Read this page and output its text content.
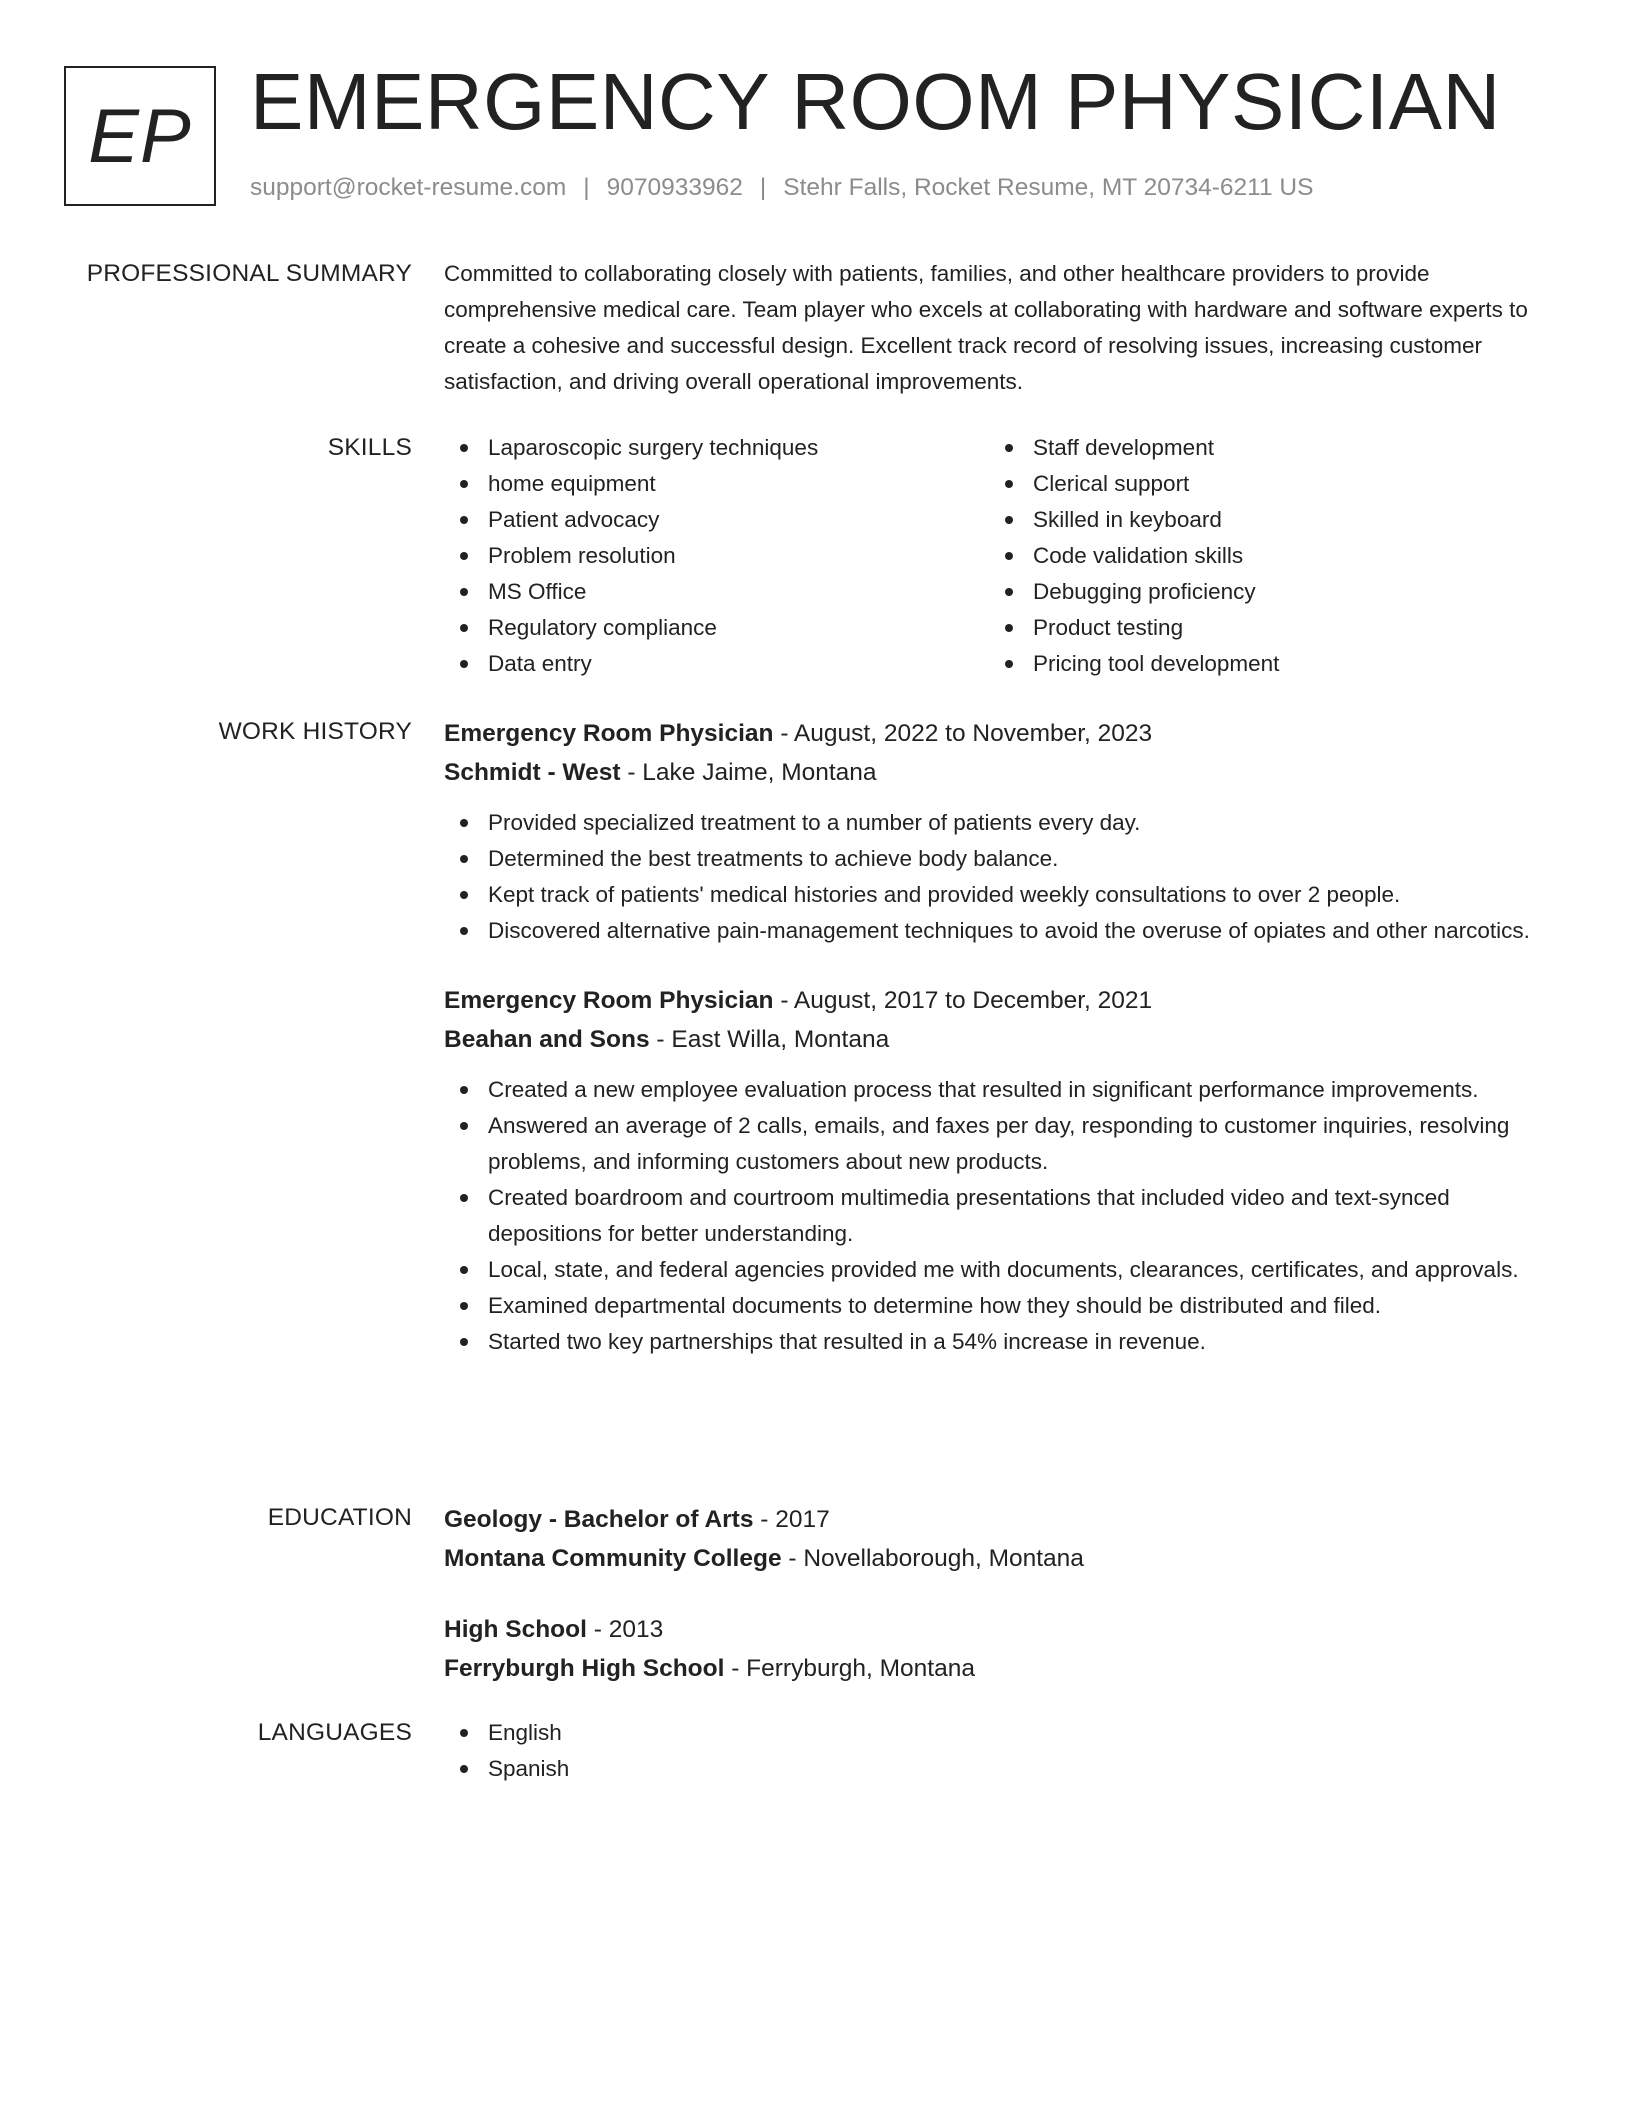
EP EMERGENCY ROOM PHYSICIAN
support@rocket-resume.com | 9070933962 | Stehr Falls, Rocket Resume, MT 20734-6211 US
PROFESSIONAL SUMMARY Committed to collaborating closely with patients, families, and other healthcare providers to provide comprehensive medical care. Team player who excels at collaborating with hardware and software experts to create a cohesive and successful design. Excellent track record of resolving issues, increasing customer satisfaction, and driving overall operational improvements.

SKILLS	Laparoscopic surgery techniques
home equipment
Patient advocacy
Problem resolution
MS Office
Regulatory compliance
Data entry
Staff development
Clerical support
Skilled in keyboard
Code validation skills
Debugging proficiency
Product testing
Pricing tool development
WORK HISTORY Emergency Room Physician - August, 2022 to November, 2023
Schmidt - West - Lake Jaime, Montana
Provided specialized treatment to a number of patients every day.
Determined the best treatments to achieve body balance.
Kept track of patients' medical histories and provided weekly consultations to over 2 people.
Discovered alternative pain-management techniques to avoid the overuse of opiates and other narcotics.
Emergency Room Physician - August, 2017 to December, 2021
Beahan and Sons - East Willa, Montana
Created a new employee evaluation process that resulted in significant performance improvements.
Answered an average of 2 calls, emails, and faxes per day, responding to customer inquiries, resolving problems, and informing customers about new products.
Created boardroom and courtroom multimedia presentations that included video and text-synced depositions for better understanding.
Local, state, and federal agencies provided me with documents, clearances, certificates, and approvals.
Examined departmental documents to determine how they should be distributed and filed.
Started two key partnerships that resulted in a 54% increase in revenue.
EDUCATION Geology - Bachelor of Arts - 2017
Montana Community College - Novellaborough, Montana
High School - 2013
Ferryburgh High School - Ferryburgh, Montana
LANGUAGES	English
Spanish
